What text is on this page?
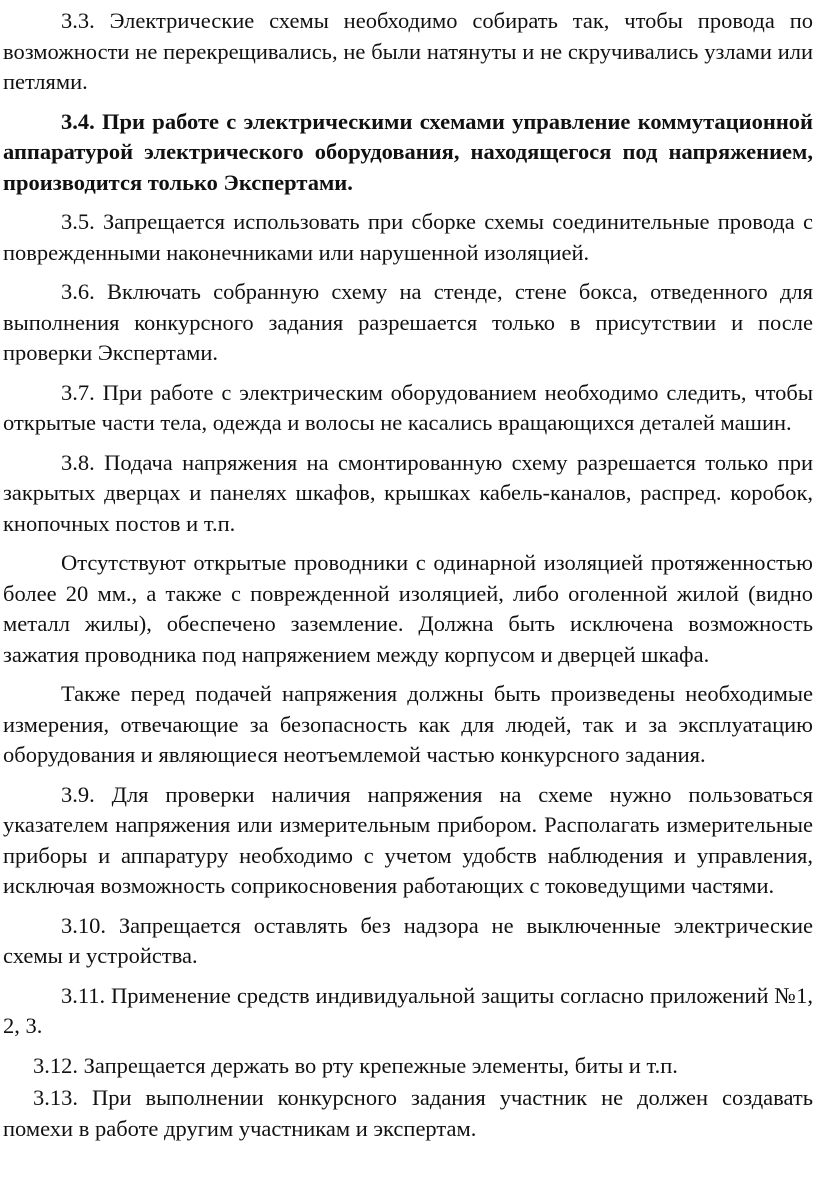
3.3. Электрические схемы необходимо собирать так, чтобы провода по возможности не перекрещивались, не были натянуты и не скручивались узлами или петлями.

3.4. При работе с электрическими схемами управление коммутационной аппаратурой электрического оборудования, находящегося под напряжением, производится только Экспертами.

3.5. Запрещается использовать при сборке схемы соединительные провода с поврежденными наконечниками или нарушенной изоляцией.

3.6. Включать собранную схему на стенде, стене бокса, отведенного для выполнения конкурсного задания разрешается только в присутствии и после проверки Экспертами.

3.7. При работе с электрическим оборудованием необходимо следить, чтобы открытые части тела, одежда и волосы не касались вращающихся деталей машин.

3.8. Подача напряжения на смонтированную схему разрешается только при закрытых дверцах и панелях шкафов, крышках кабель-каналов, распред. коробок, кнопочных постов и т.п.

Отсутствуют открытые проводники с одинарной изоляцией протяженностью более 20 мм., а также с поврежденной изоляцией, либо оголенной жилой (видно металл жилы), обеспечено заземление. Должна быть исключена возможность зажатия проводника под напряжением между корпусом и дверцей шкафа.

Также перед подачей напряжения должны быть произведены необходимые измерения, отвечающие за безопасность как для людей, так и за эксплуатацию оборудования и являющиеся неотъемлемой частью конкурсного задания.

3.9. Для проверки наличия напряжения на схеме нужно пользоваться указателем напряжения или измерительным прибором. Располагать измерительные приборы и аппаратуру необходимо с учетом удобств наблюдения и управления, исключая возможность соприкосновения работающих с токоведущими частями.

3.10. Запрещается оставлять без надзора не выключенные электрические схемы и устройства.

3.11. Применение средств индивидуальной защиты согласно приложений №1, 2, 3.

3.12. Запрещается держать во рту крепежные элементы, биты и т.п.

3.13. При выполнении конкурсного задания участник не должен создавать помехи в работе другим участникам и экспертам.
